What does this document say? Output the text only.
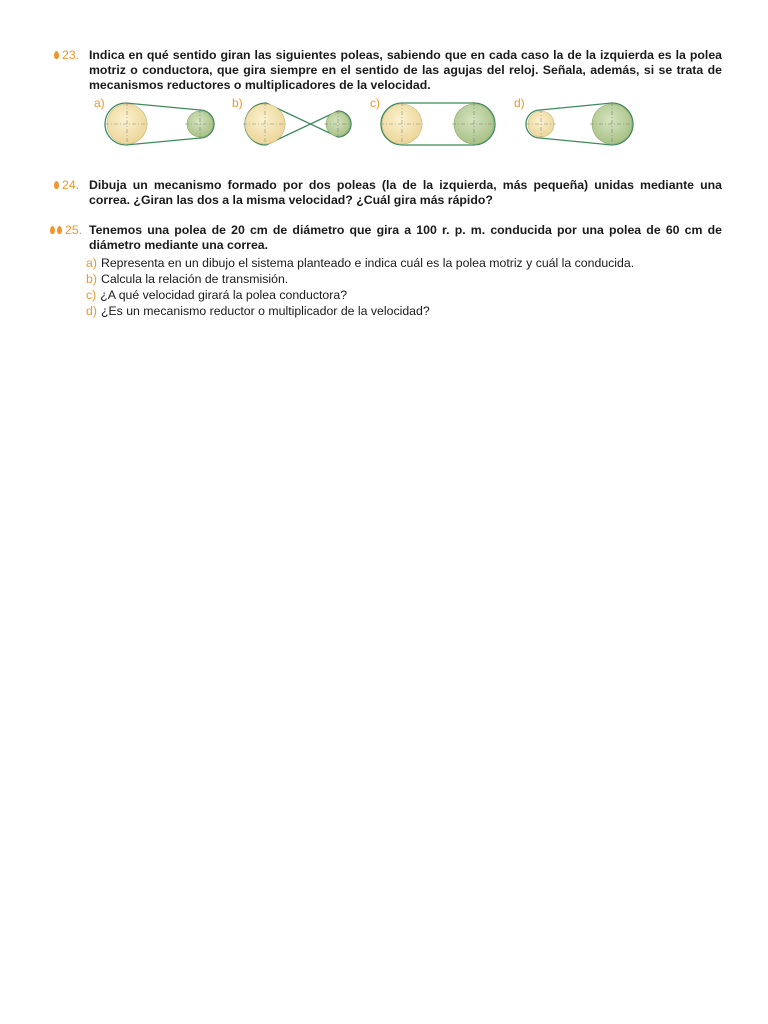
23. Indica en qué sentido giran las siguientes poleas, sabiendo que en cada caso la de la izquierda es la polea motriz o conductora, que gira siempre en el sentido de las agujas del reloj. Señala, además, si se trata de mecanismos reductores o multiplicadores de la velocidad.
a)	b)	c)	d)
24. Dibuja un mecanismo formado por dos poleas (la de la izquierda, más pequeña) unidas mediante una correa. ¿Giran las dos a la misma velocidad? ¿Cuál gira más rápido?
25. Tenemos una polea de 20 cm de diámetro que gira a 100 r. p. m. conducida por una polea de 60 cm de diámetro mediante una correa.
a) Representa en un dibujo el sistema planteado e indica cuál es la polea motriz y cuál la conducida.
b) Calcula la relación de transmisión.
c) ¿A qué velocidad girará la polea conductora?
d) ¿Es un mecanismo reductor o multiplicador de la velocidad?
